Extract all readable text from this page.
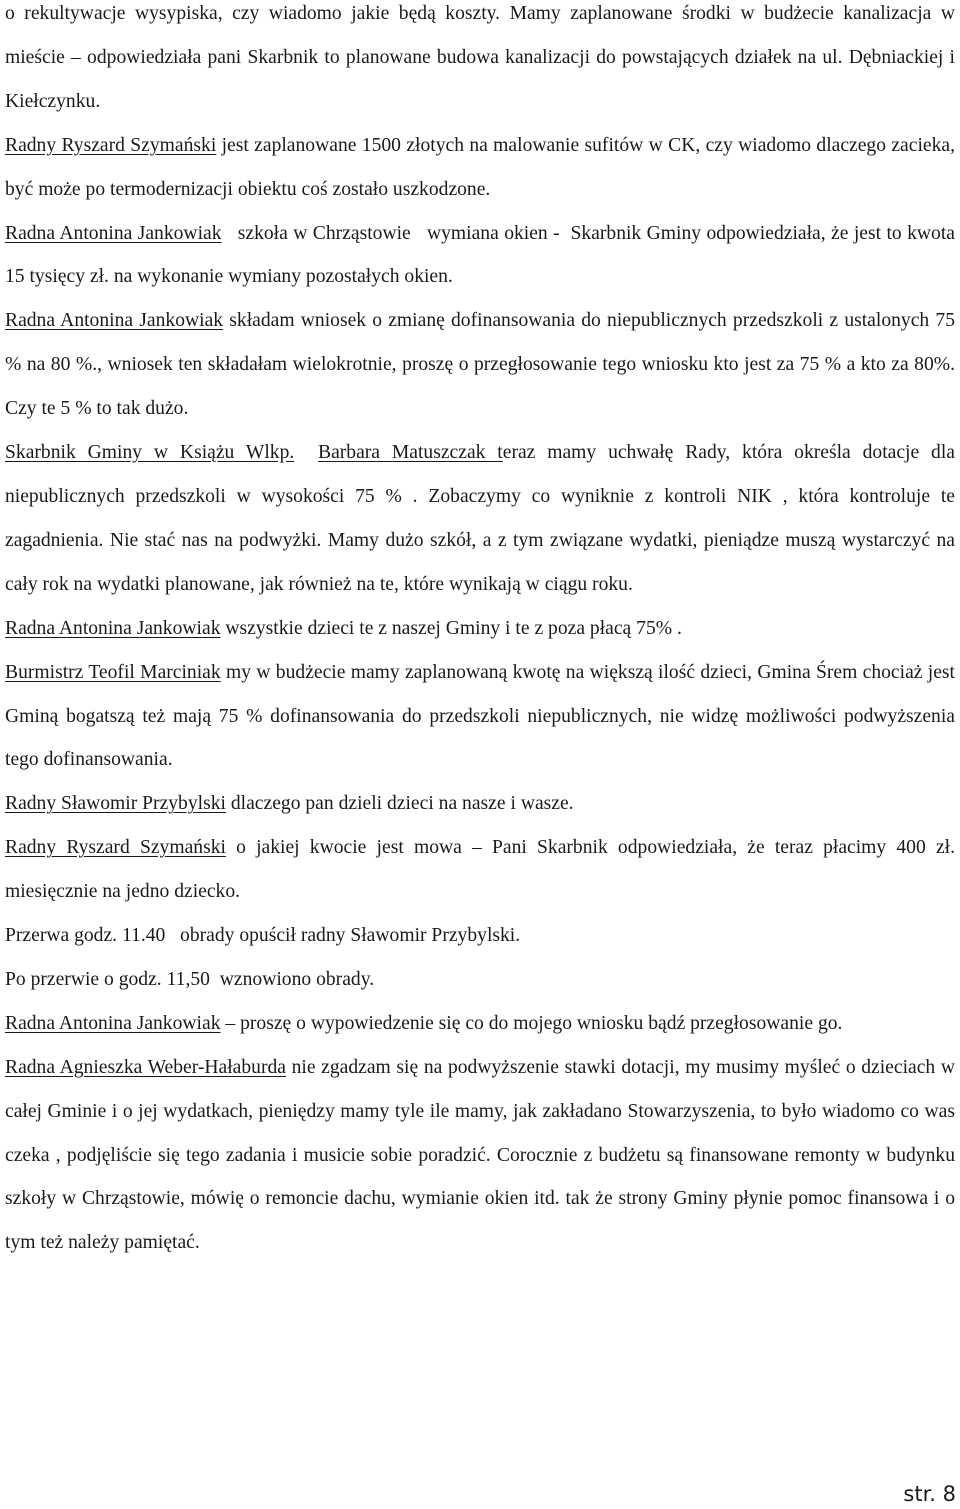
o rekultywacje wysypiska, czy wiadomo jakie będą koszty. Mamy zaplanowane środki w budżecie kanalizacja w mieście – odpowiedziała pani Skarbnik to planowane budowa kanalizacji do powstających działek na ul. Dębniackiej i Kiełczynku.

Radny Ryszard Szymański jest zaplanowane 1500 złotych na malowanie sufitów w CK, czy wiadomo dlaczego zacieka, być może po termodernizacji obiektu coś zostało uszkodzone.

Radna Antonina Jankowiak   szkoła w Chrząstowie   wymiana okien -  Skarbnik Gminy odpowiedziała, że jest to kwota 15 tysięcy zł. na wykonanie wymiany pozostałych okien.

Radna Antonina Jankowiak składam wniosek o zmianę dofinansowania do niepublicznych przedszkoli z ustalonych 75 % na 80 %., wniosek ten składałam wielokrotnie, proszę o przegłosowanie tego wniosku kto jest za 75 % a kto za 80%. Czy te 5 % to tak dużo.

Skarbnik Gminy w Książu Wlkp. Barbara Matuszczak teraz mamy uchwałę Rady, która określa dotacje dla niepublicznych przedszkoli w wysokości 75 % . Zobaczymy co wyniknie z kontroli NIK , która kontroluje te zagadnienia. Nie stać nas na podwyżki. Mamy dużo szkół, a z tym związane wydatki, pieniądze muszą wystarczyć na cały rok na wydatki planowane, jak również na te, które wynikają w ciągu roku.

Radna Antonina Jankowiak wszystkie dzieci te z naszej Gminy i te z poza płacą 75% .

Burmistrz Teofil Marciniak my w budżecie mamy zaplanowaną kwotę na większą ilość dzieci, Gmina Śrem chociaż jest Gminą bogatszą też mają 75 % dofinansowania do przedszkoli niepublicznych, nie widzę możliwości podwyższenia tego dofinansowania.

Radny Sławomir Przybylski dlaczego pan dzieli dzieci na nasze i wasze.

Radny Ryszard Szymański o jakiej kwocie jest mowa – Pani Skarbnik odpowiedziała, że teraz płacimy 400 zł. miesięcznie na jedno dziecko.

Przerwa godz. 11.40   obrady opuścił radny Sławomir Przybylski.

Po przerwie o godz. 11,50  wznowiono obrady.

Radna Antonina Jankowiak – proszę o wypowiedzenie się co do mojego wniosku bądź przegłosowanie go.

Radna Agnieszka Weber-Hałaburda nie zgadzam się na podwyższenie stawki dotacji, my musimy myśleć o dzieciach w całej Gminie i o jej wydatkach, pieniędzy mamy tyle ile mamy, jak zakładano Stowarzyszenia, to było wiadomo co was czeka , podjęliście się tego zadania i musicie sobie poradzić. Corocznie z budżetu są finansowane remonty w budynku szkoły w Chrząstowie, mówię o remoncie dachu, wymianie okien itd. tak że strony Gminy płynie pomoc finansowa i o tym też należy pamiętać.

str. 8
